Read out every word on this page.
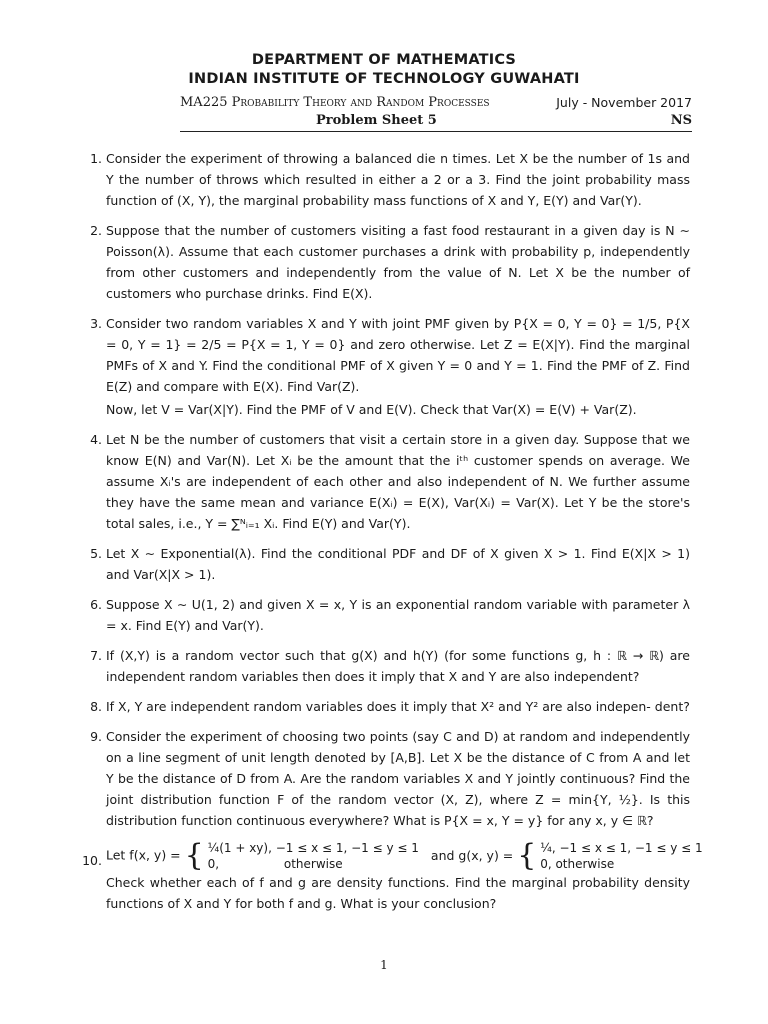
DEPARTMENT OF MATHEMATICS
INDIAN INSTITUTE OF TECHNOLOGY GUWAHATI
MA225 Probability Theory and Random Processes	July - November 2017
Problem Sheet 5	NS
1. Consider the experiment of throwing a balanced die n times. Let X be the number of 1s and Y the number of throws which resulted in either a 2 or a 3. Find the joint probability mass function of (X, Y), the marginal probability mass functions of X and Y, E(Y) and Var(Y).
2. Suppose that the number of customers visiting a fast food restaurant in a given day is N ∼ Poisson(λ). Assume that each customer purchases a drink with probability p, independently from other customers and independently from the value of N. Let X be the number of customers who purchase drinks. Find E(X).
3. Consider two random variables X and Y with joint PMF given by P{X = 0, Y = 0} = 1/5, P{X = 0, Y = 1} = 2/5 = P{X = 1, Y = 0} and zero otherwise. Let Z = E(X|Y). Find the marginal PMFs of X and Y. Find the conditional PMF of X given Y = 0 and Y = 1. Find the PMF of Z. Find E(Z) and compare with E(X). Find Var(Z).
Now, let V = Var(X|Y). Find the PMF of V and E(V). Check that Var(X) = E(V) + Var(Z).
4. Let N be the number of customers that visit a certain store in a given day. Suppose that we know E(N) and Var(N). Let Xᵢ be the amount that the iᵗʰ customer spends on average. We assume Xᵢ's are independent of each other and also independent of N. We further assume they have the same mean and variance E(Xᵢ) = E(X), Var(Xᵢ) = Var(X). Let Y be the store's total sales, i.e., Y = ∑ᴺᵢ₌₁ Xᵢ. Find E(Y) and Var(Y).
5. Let X ∼ Exponential(λ). Find the conditional PDF and DF of X given X > 1. Find E(X|X > 1) and Var(X|X > 1).
6. Suppose X ∼ U(1, 2) and given X = x, Y is an exponential random variable with parameter λ = x. Find E(Y) and Var(Y).
7. If (X,Y) is a random vector such that g(X) and h(Y) (for some functions g, h : ℝ → ℝ) are independent random variables then does it imply that X and Y are also independent?
8. If X, Y are independent random variables does it imply that X² and Y² are also indepen- dent?
9. Consider the experiment of choosing two points (say C and D) at random and independently on a line segment of unit length denoted by [A,B]. Let X be the distance of C from A and let Y be the distance of D from A. Are the random variables X and Y jointly continuous? Find the joint distribution function F of the random vector (X, Z), where Z = min{Y, ½}. Is this distribution function continuous everywhere? What is P{X = x, Y = y} for any x, y ∈ ℝ?
10. Let f(x, y) = { ¼(1 + xy), −1 ≤ x ≤ 1, −1 ≤ y ≤ 1
0,                 otherwise
and g(x, y) = { ¼, −1 ≤ x ≤ 1, −1 ≤ y ≤ 1
0, otherwise
Check whether each of f and g are density functions. Find the marginal probability density functions of X and Y for both f and g. What is your conclusion?
1
